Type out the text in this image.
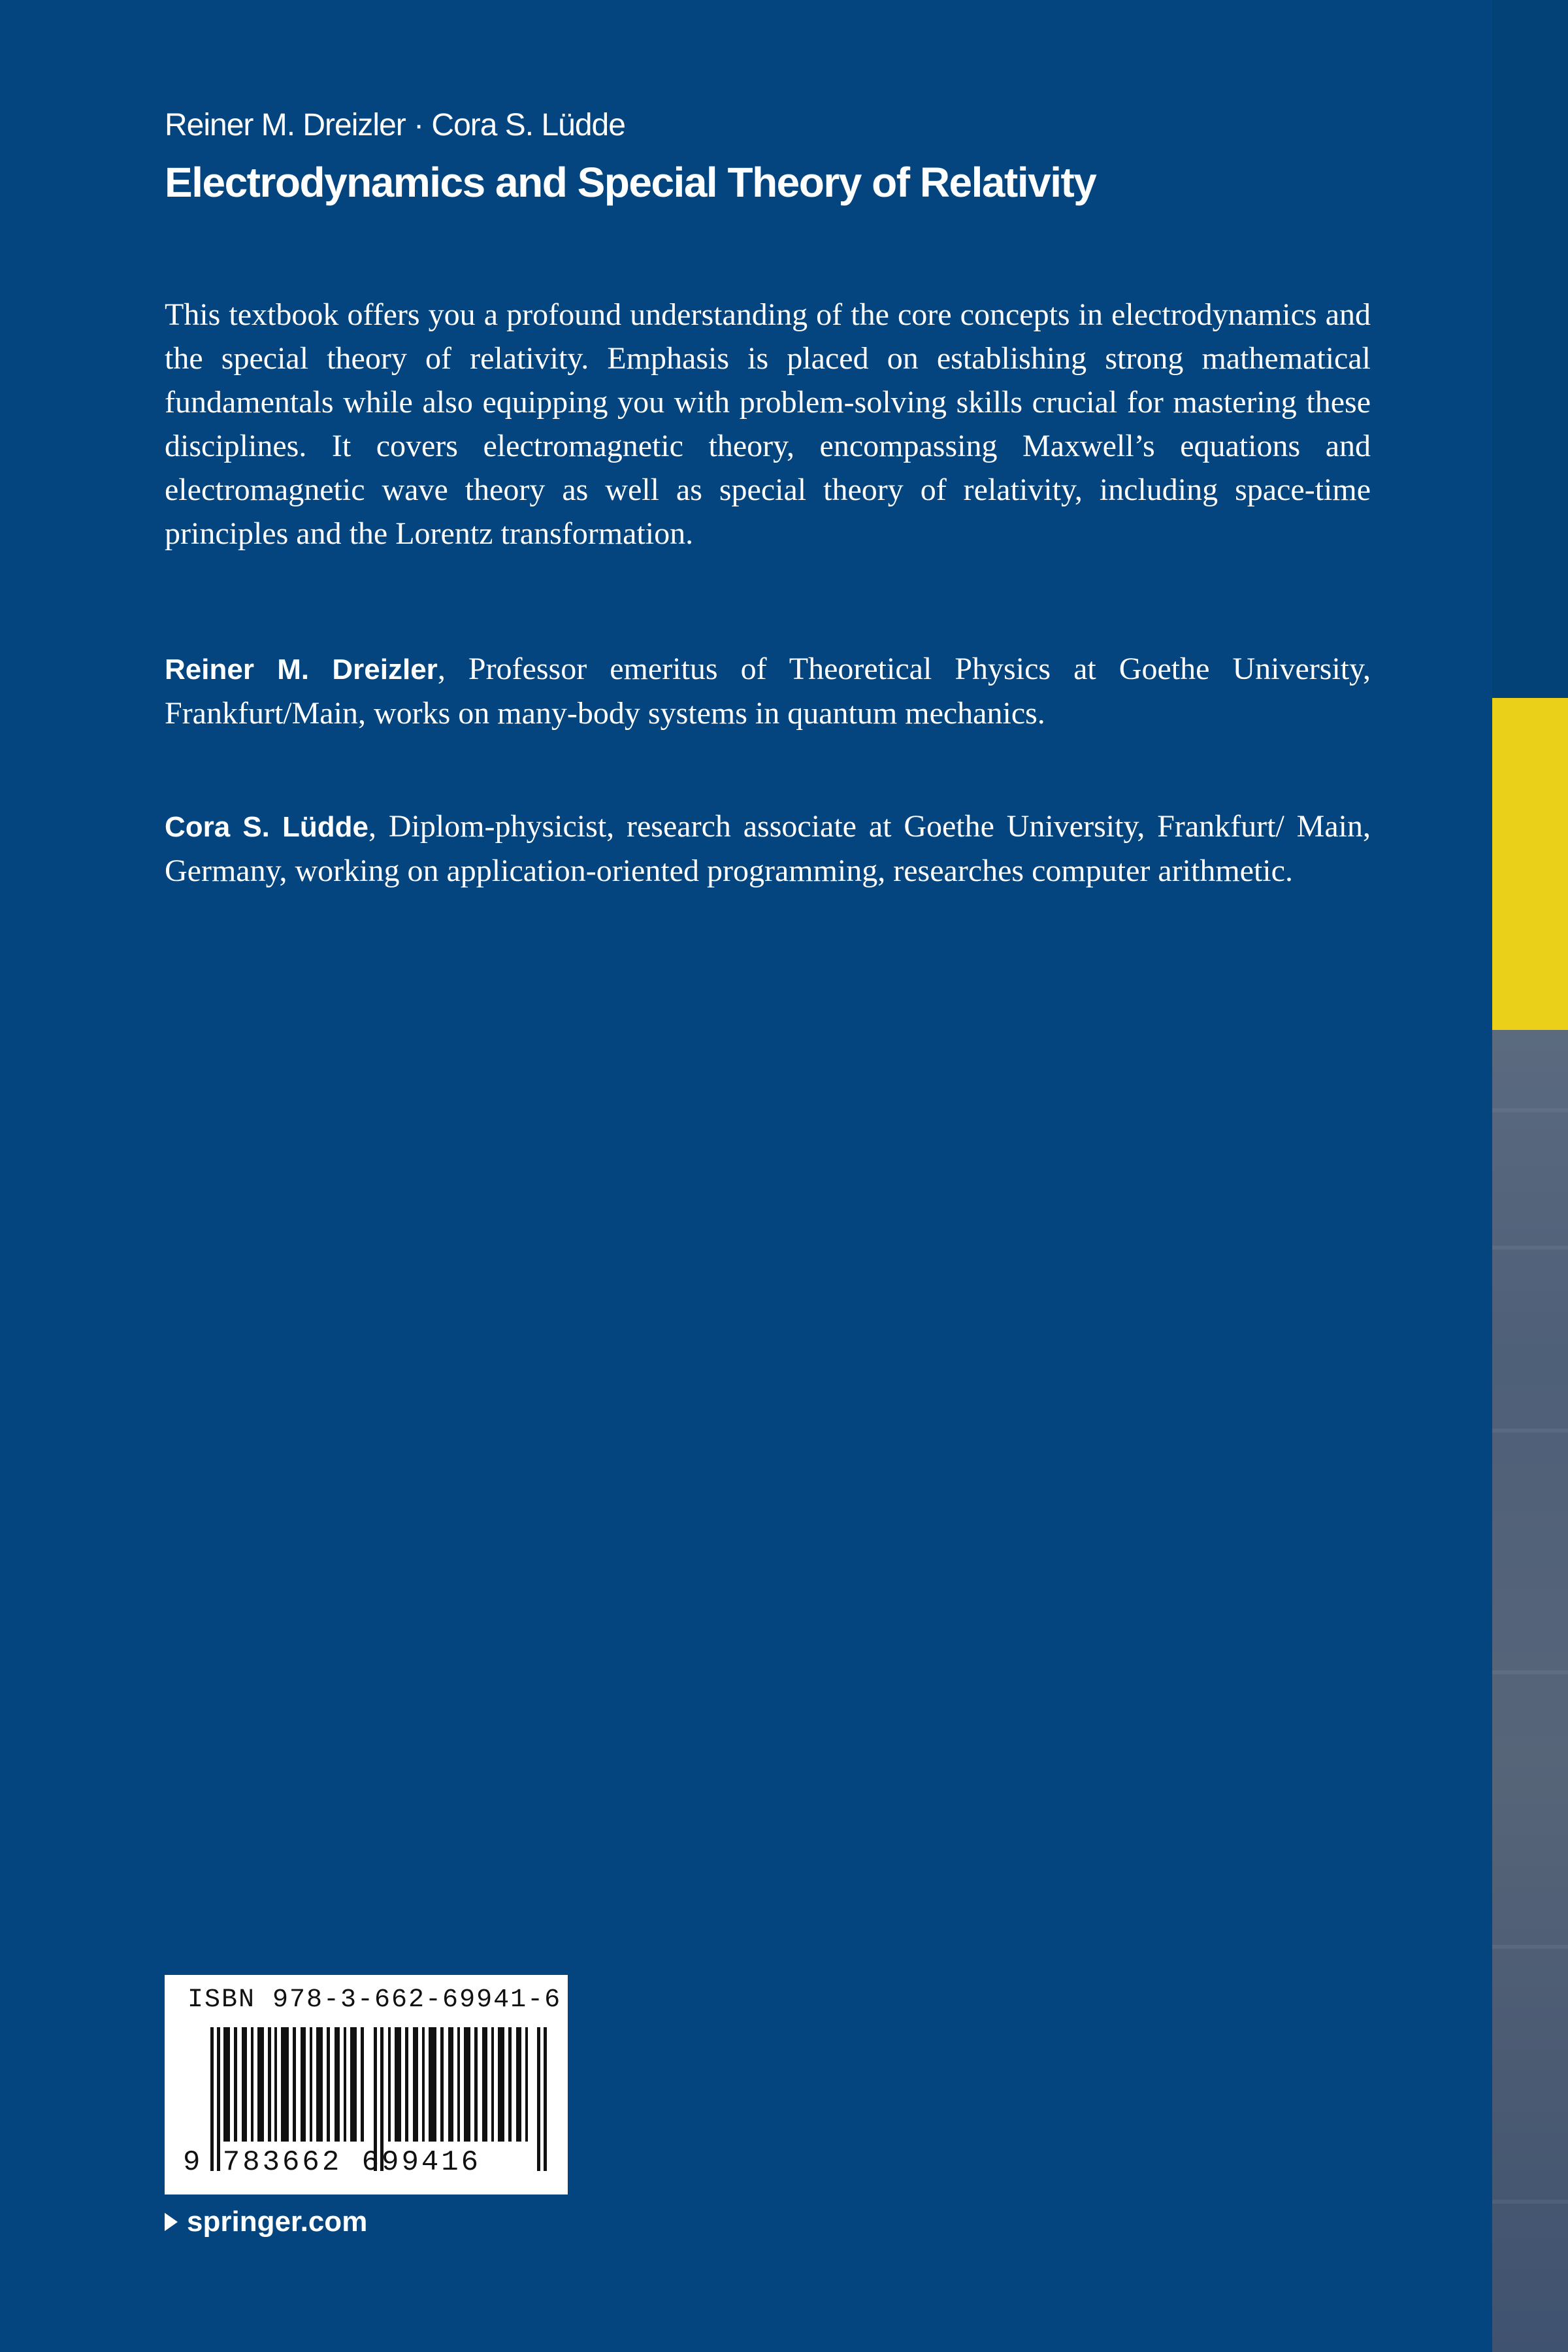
Reiner M. Dreizler · Cora S. Lüdde
Electrodynamics and Special Theory of Relativity

This textbook offers you a profound understanding of the core concepts in electrodynamics and the special theory of relativity. Emphasis is placed on establishing strong mathematical fundamentals while also equipping you with problem-solving skills crucial for mastering these disciplines. It covers electromagnetic theory, encompassing Maxwell’s equations and electromagnetic wave theory as well as special theory of relativity, including space-time principles and the Lorentz transformation.

Reiner M. Dreizler, Professor emeritus of Theoretical Physics at Goethe University, Frankfurt/Main, works on many-body systems in quantum mechanics.
Cora S. Lüdde, Diplom-physicist, research associate at Goethe University, Frankfurt/ Main, Germany, working on application-oriented programming, researches computer arithmetic.
ISBN 978-3-662-69941-6
9 783662 699416
springer.com
